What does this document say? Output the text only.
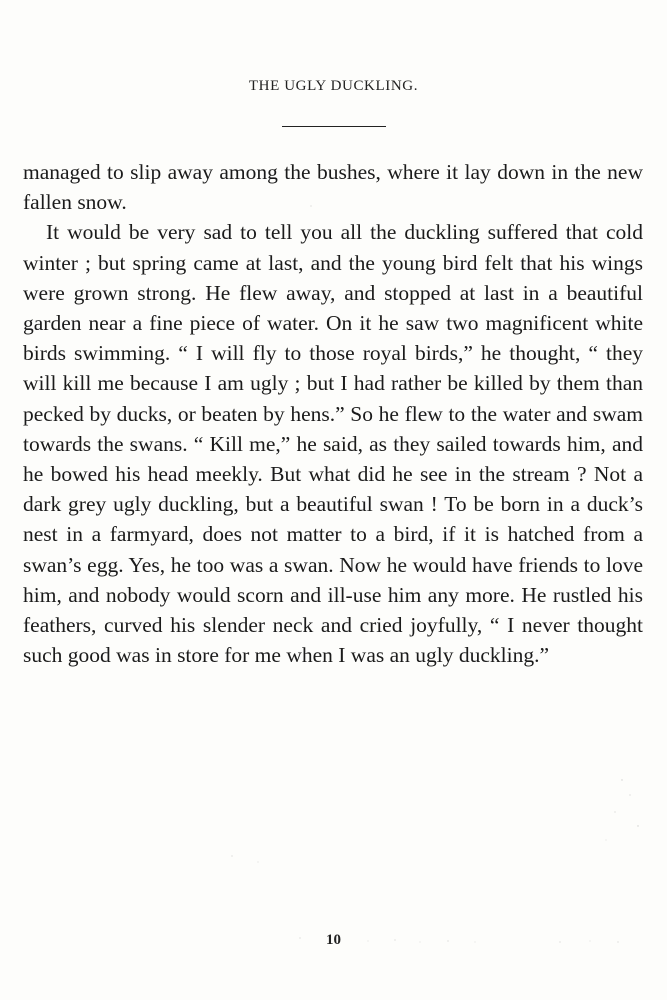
THE UGLY DUCKLING.

managed to slip away among the bushes, where it lay down in the new fallen snow.

It would be very sad to tell you all the duckling suffered that cold winter ; but spring came at last, and the young bird felt that his wings were grown strong. He flew away, and stopped at last in a beautiful garden near a fine piece of water. On it he saw two magnificent white birds swimming. “ I will fly to those royal birds,” he thought, “ they will kill me because I am ugly ; but I had rather be killed by them than pecked by ducks, or beaten by hens.” So he flew to the water and swam towards the swans. “ Kill me,” he said, as they sailed towards him, and he bowed his head meekly. But what did he see in the stream ? Not a dark grey ugly duckling, but a beautiful swan ! To be born in a duck’s nest in a farmyard, does not matter to a bird, if it is hatched from a swan’s egg. Yes, he too was a swan. Now he would have friends to love him, and nobody would scorn and ill-use him any more. He rustled his feathers, curved his slender neck and cried joyfully, “ I never thought such good was in store for me when I was an ugly duckling.”

10
